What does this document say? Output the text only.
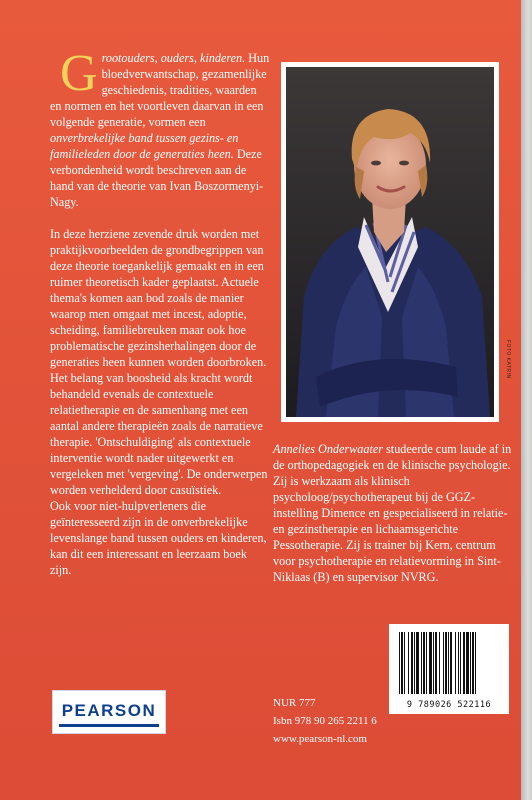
Grootouders, ouders, kinderen. Hun bloedverwantschap, gezamenlijke geschiedenis, tradities, waarden en normen en het voortleven daarvan in een volgende generatie, vormen een onverbrekelijke band tussen gezins- en familieleden door de generaties heen. Deze verbondenheid wordt beschreven aan de hand van de theorie van Ivan Boszormenyi-Nagy.

In deze herziene zevende druk worden met praktijkvoorbeelden de grondbegrippen van deze theorie toegankelijk gemaakt en in een ruimer theoretisch kader geplaatst. Actuele thema's komen aan bod zoals de manier waarop men omgaat met incest, adoptie, scheiding, familiebreuken maar ook hoe problematische gezinsherhalingen door de generaties heen kunnen worden doorbroken.

Het belang van boosheid als kracht wordt behandeld evenals de contextuele relatietherapie en de samenhang met een aantal andere therapieën zoals de narratieve therapie. 'Ontschuldiging' als contextuele interventie wordt nader uitgewerkt en vergeleken met 'vergeving'. De onderwerpen worden verhelderd door casuïstiek.

Ook voor niet-hulpverleners die geïnteresseerd zijn in de onverbrekelijke levenslange band tussen ouders en kinderen, kan dit een interessant en leerzaam boek zijn.

FOTO KATRIN

Annelies Onderwaater studeerde cum laude af in de orthopedagogiek en de klinische psychologie. Zij is werkzaam als klinisch psycholoog/psychotherapeut bij de GGZ-instelling Dimence en gespecialiseerd in relatie- en gezinstherapie en lichaamsgerichte Pessotherapie. Zij is trainer bij Kern, centrum voor psychotherapie en relatievorming in Sint-Niklaas (B) en supervisor NVRG.

9 789026 522116
NUR 777
Isbn 978 90 265 2211 6
www.pearson-nl.com
PEARSON
